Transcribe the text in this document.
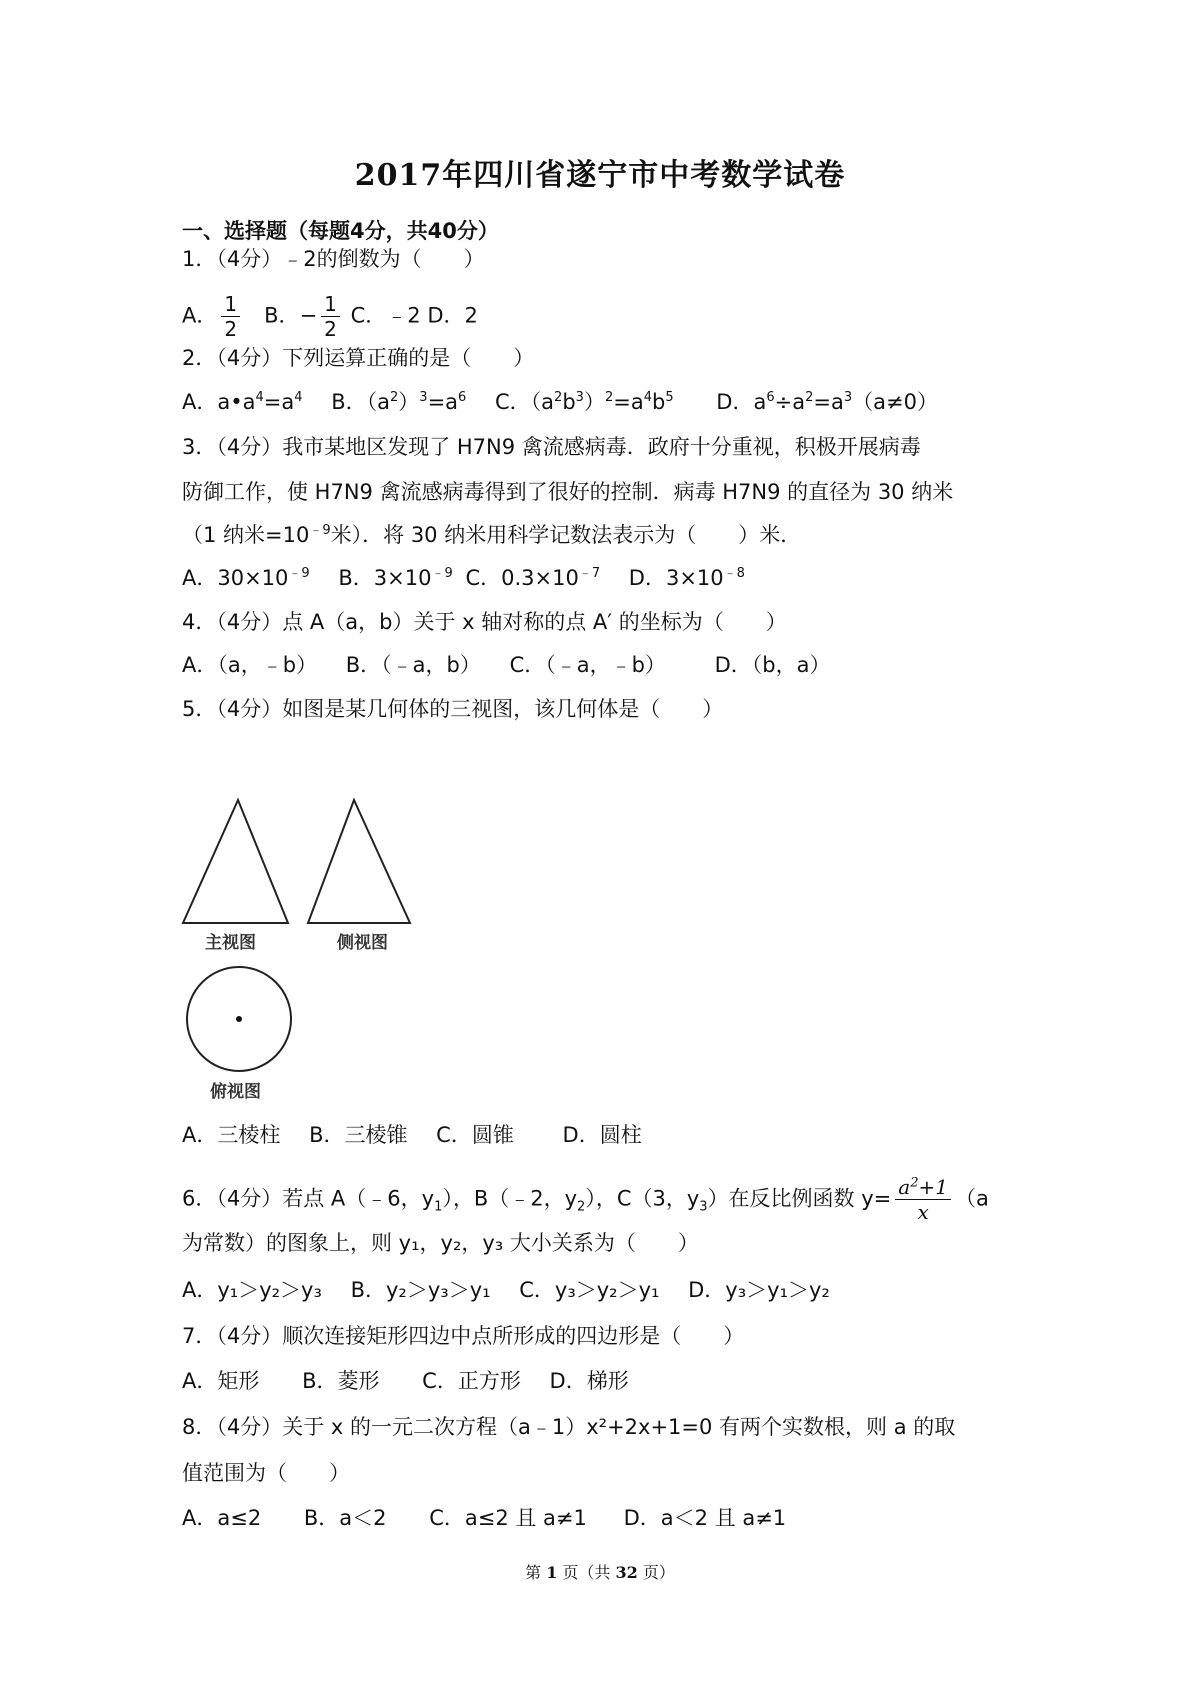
2017年四川省遂宁市中考数学试卷
一、选择题（每题4分，共40分）
1．（4分）﹣2的倒数为（　　）
A． $\frac{1}{2}$ B．− $\frac{1}{2}$ C．﹣2 D．2
2．（4分）下列运算正确的是（　　）
A．$a•a^4=a^4$ B．$(a^2)^3=a^6$ C．$(a^2b^3)^2=a^4b^5$ D．$a^6\div a^2=a^3(a\ne 0)$
3．（4分）我市某地区发现了 H7N9 禽流感病毒．政府十分重视，积极开展病毒
防御工作，使 H7N9 禽流感病毒得到了很好的控制．病毒 H7N9 的直径为 30 纳米
（1 纳米$=10^{﹣9}$米）．将 30 纳米用科学记数法表示为（　　）米．
A．$30\times 10^{﹣9}$ B．$3\times 10^{﹣9}$ C．$0.3\times 10^{﹣7}$ D．$3\times 10^{﹣8}$
4．（4分）点 A（a，b）关于 x 轴对称的点 A′ 的坐标为（　　）
A．（a，﹣b） B．（﹣a，b） C．（﹣a，﹣b） D．（b，a）
5．（4分）如图是某几何体的三视图，该几何体是（　　）
主视图	侧视图
俯视图
A．三棱柱 B．三棱锥 C．圆锥 D．圆柱
6．（4分）若点 A（﹣6，$y_1$），B（﹣2，$y_2$），C（3，$y_3$）在反比例函数 $y= \frac{a^2+1}{x} (a$
为常数）的图象上，则 y₁，y₂，y₃ 大小关系为（　　）
A．y₁＞y₂＞y₃ B．y₂＞y₃＞y₁ C．y₃＞y₂＞y₁ D．y₃＞y₁＞y₂
7．（4分）顺次连接矩形四边中点所形成的四边形是（　　）
A．矩形 B．菱形 C．正方形 D．梯形
8．（4分）关于 x 的一元二次方程（a﹣1）x²+2x+1=0 有两个实数根，则 a 的取
值范围为（　　）
A．a≤2 B．a＜2 C．a≤2 且 a≠1 D．a＜2 且 a≠1
第 1 页（共 32 页）
